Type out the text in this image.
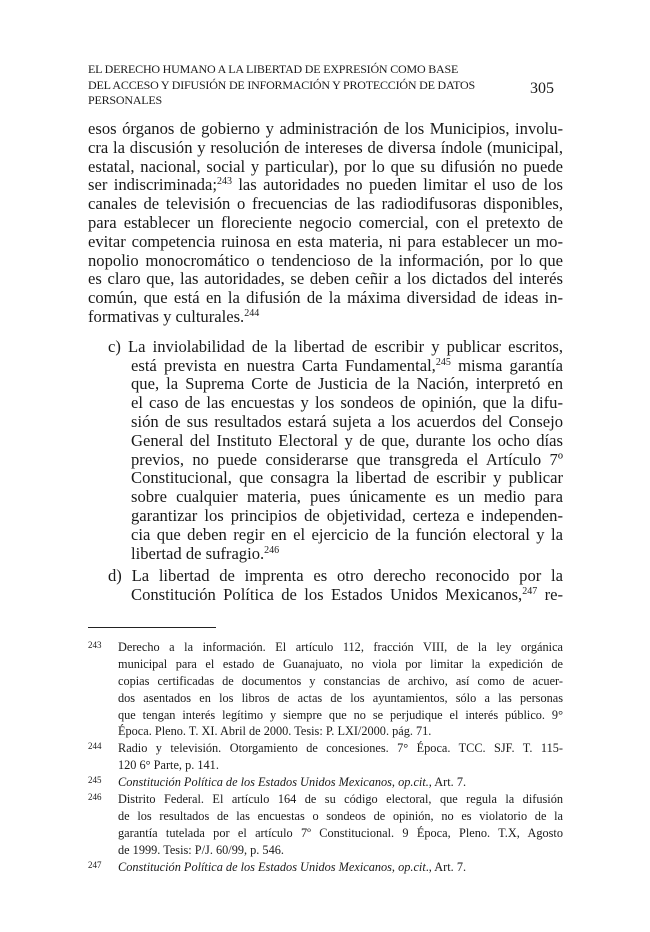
EL DERECHO HUMANO A LA LIBERTAD DE EXPRESIÓN COMO BASE
DEL ACCESO Y DIFUSIÓN DE INFORMACIÓN Y PROTECCIÓN DE DATOS
PERSONALES
305
esos órganos de gobierno y administración de los Municipios, involu-
cra la discusión y resolución de intereses de diversa índole (municipal,
estatal, nacional, social y particular), por lo que su difusión no puede
ser indiscriminada;$^{243}$ las autoridades no pueden limitar el uso de los
canales de televisión o frecuencias de las radiodifusoras disponibles,
para establecer un floreciente negocio comercial, con el pretexto de
evitar competencia ruinosa en esta materia, ni para establecer un mo-
nopolio monocromático o tendencioso de la información, por lo que
es claro que, las autoridades, se deben ceñir a los dictados del interés
común, que está en la difusión de la máxima diversidad de ideas in-
formativas y culturales.$^{244}$
c) La inviolabilidad de la libertad de escribir y publicar escritos,
está prevista en nuestra Carta Fundamental,$^{245}$ misma garantía
que, la Suprema Corte de Justicia de la Nación, interpretó en
el caso de las encuestas y los sondeos de opinión, que la difu-
sión de sus resultados estará sujeta a los acuerdos del Consejo
General del Instituto Electoral y de que, durante los ocho días
previos, no puede considerarse que transgreda el Artículo 7º
Constitucional, que consagra la libertad de escribir y publicar
sobre cualquier materia, pues únicamente es un medio para
garantizar los principios de objetividad, certeza e independen-
cia que deben regir en el ejercicio de la función electoral y la
libertad de sufragio.$^{246}$
d) La libertad de imprenta es otro derecho reconocido por la
Constitución Política de los Estados Unidos Mexicanos,$^{247}$ re-
243 Derecho a la información. El artículo 112, fracción VIII, de la ley orgánica
municipal para el estado de Guanajuato, no viola por limitar la expedición de
copias certificadas de documentos y constancias de archivo, así como de acuer-
dos asentados en los libros de actas de los ayuntamientos, sólo a las personas
que tengan interés legítimo y siempre que no se perjudique el interés público. 9°
Época. Pleno. T. XI. Abril de 2000. Tesis: P. LXI/2000. pág. 71.
244 Radio y televisión. Otorgamiento de concesiones. 7° Época. TCC. SJF. T. 115-
120 6° Parte, p. 141.
245 Constitución Política de los Estados Unidos Mexicanos, op.cit., Art. 7.
246 Distrito Federal. El artículo 164 de su código electoral, que regula la difusión
de los resultados de las encuestas o sondeos de opinión, no es violatorio de la
garantía tutelada por el artículo 7º Constitucional. 9 Época, Pleno. T.X, Agosto
de 1999. Tesis: P/J. 60/99, p. 546.
247 Constitución Política de los Estados Unidos Mexicanos, op.cit., Art. 7.
